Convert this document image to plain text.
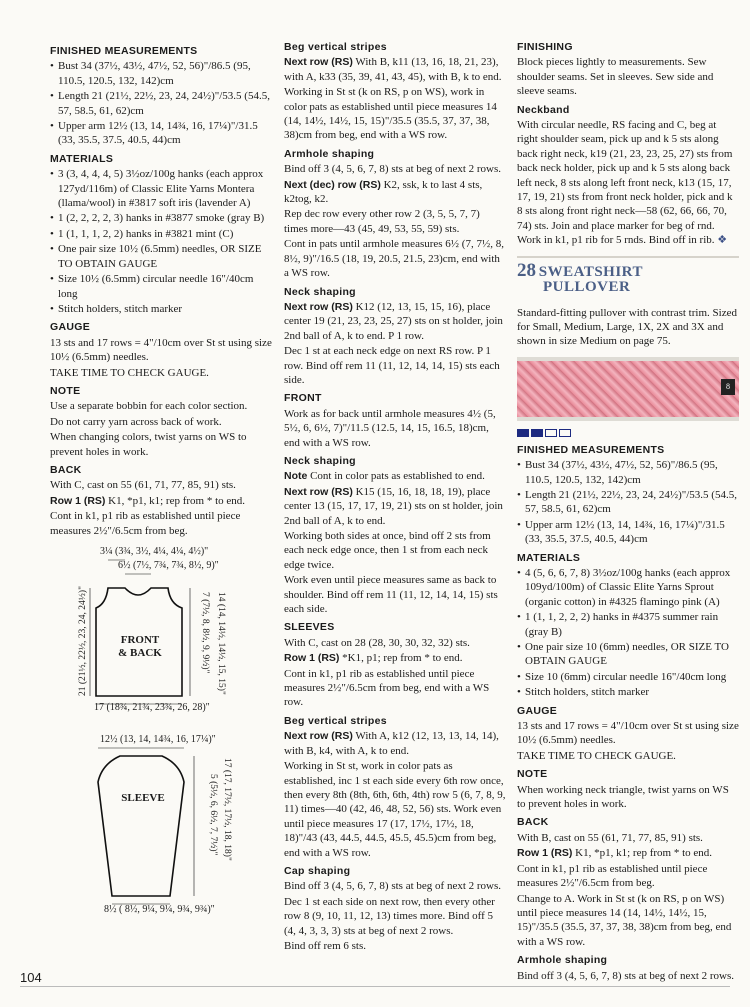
FINISHED MEASUREMENTS

• Bust 34 (37½, 43½, 47½, 52, 56)"/86.5 (95, 110.5, 120.5, 132, 142)cm

• Length 21 (21½, 22½, 23, 24, 24½)"/53.5 (54.5, 57, 58.5, 61, 62)cm

• Upper arm 12½ (13, 14, 14¾, 16, 17¼)"/31.5 (33, 35.5, 37.5, 40.5, 44)cm

MATERIALS

• 3 (3, 4, 4, 4, 5) 3½oz/100g hanks (each approx 127yd/116m) of Classic Elite Yarns Montera (llama/wool) in #3817 soft iris (lavender A)

• 1 (2, 2, 2, 2, 3) hanks in #3877 smoke (gray B)

• 1 (1, 1, 1, 2, 2) hanks in #3821 mint (C)

• One pair size 10½ (6.5mm) needles, OR SIZE TO OBTAIN GAUGE

• Size 10½ (6.5mm) circular needle 16"/40cm long

• Stitch holders, stitch marker

GAUGE

13 sts and 17 rows = 4"/10cm over St st using size 10½ (6.5mm) needles.

TAKE TIME TO CHECK GAUGE.

NOTE

Use a separate bobbin for each color section.

Do not carry yarn across back of work.

When changing colors, twist yarns on WS to prevent holes in work.

BACK

With C, cast on 55 (61, 71, 77, 85, 91) sts.

Row 1 (RS) K1, *p1, k1; rep from * to end.

Cont in k1, p1 rib as established until piece measures 2½"/6.5cm from beg.

3¼ (3¾, 3½, 4¼, 4¼, 4½)"
6½ (7½, 7¾, 7¾, 8½, 9)"
21 (21½, 22½, 23, 24, 24½)"	7 (7½, 8, 8½, 9, 9½)" 14 (14, 14½, 14½, 15, 15)"
FRONT
& BACK
17 (18¾, 21¾, 23¾, 26, 28)"
12½ (13, 14, 14¾, 16, 17¼)"
5 (5½, 6, 6½, 7, 7½)" 17 (17, 17½, 17½, 18, 18)"
SLEEVE
8½ ( 8½, 9¼, 9¼, 9¾, 9¾)"
Beg vertical stripes

Next row (RS) With B, k11 (13, 16, 18, 21, 23), with A, k33 (35, 39, 41, 43, 45), with B, k to end.

Working in St st (k on RS, p on WS), work in color pats as established until piece measures 14 (14, 14½, 14½, 15, 15)"/35.5 (35.5, 37, 37, 38, 38)cm from beg, end with a WS row.

Armhole shaping

Bind off 3 (4, 5, 6, 7, 8) sts at beg of next 2 rows.

Next (dec) row (RS) K2, ssk, k to last 4 sts, k2tog, k2.

Rep dec row every other row 2 (3, 5, 5, 7, 7) times more—43 (45, 49, 53, 55, 59) sts.

Cont in pats until armhole measures 6½ (7, 7½, 8, 8½, 9)"/16.5 (18, 19, 20.5, 21.5, 23)cm, end with a WS row.

Neck shaping

Next row (RS) K12 (12, 13, 15, 15, 16), place center 19 (21, 23, 23, 25, 27) sts on st holder, join 2nd ball of A, k to end. P 1 row.

Dec 1 st at each neck edge on next RS row. P 1 row. Bind off rem 11 (11, 12, 14, 14, 15) sts each side.

FRONT

Work as for back until armhole measures 4½ (5, 5½, 6, 6½, 7)"/11.5 (12.5, 14, 15, 16.5, 18)cm, end with a WS row.

Neck shaping

Note Cont in color pats as established to end.

Next row (RS) K15 (15, 16, 18, 18, 19), place center 13 (15, 17, 17, 19, 21) sts on st holder, join 2nd ball of A, k to end.

Working both sides at once, bind off 2 sts from each neck edge once, then 1 st from each neck edge twice.

Work even until piece measures same as back to shoulder. Bind off rem 11 (11, 12, 14, 14, 15) sts each side.

SLEEVES

With C, cast on 28 (28, 30, 30, 32, 32) sts.

Row 1 (RS) *K1, p1; rep from * to end.

Cont in k1, p1 rib as established until piece measures 2½"/6.5cm from beg, end with a WS row.

Beg vertical stripes

Next row (RS) With A, k12 (12, 13, 13, 14, 14), with B, k4, with A, k to end.

Working in St st, work in color pats as established, inc 1 st each side every 6th row once, then every 8th (8th, 6th, 6th, 4th) row 5 (6, 7, 8, 9, 11) times—40 (42, 46, 48, 52, 56) sts. Work even until piece measures 17 (17, 17½, 17½, 18, 18)"/43 (43, 44.5, 44.5, 45.5, 45.5)cm from beg, end with a WS row.

Cap shaping

Bind off 3 (4, 5, 6, 7, 8) sts at beg of next 2 rows.

Dec 1 st each side on next row, then every other row 8 (9, 10, 11, 12, 13) times more. Bind off 5 (4, 4, 3, 3, 3) sts at beg of next 2 rows.

Bind off rem 6 sts.

FINISHING

Block pieces lightly to measurements. Sew shoulder seams. Set in sleeves. Sew side and sleeve seams.

Neckband

With circular needle, RS facing and C, beg at right shoulder seam, pick up and k 5 sts along back right neck, k19 (21, 23, 23, 25, 27) sts from back neck holder, pick up and k 5 sts along back left neck, 8 sts along left front neck, k13 (15, 17, 17, 19, 21) sts from front neck holder, pick and k 8 sts along front right neck—58 (62, 66, 66, 70, 74) sts. Join and place marker for beg of rnd. Work in k1, p1 rib for 5 rnds. Bind off in rib. ❖

28 SWEATSHIRT
PULLOVER

Standard-fitting pullover with contrast trim. Sized for Small, Medium, Large, 1X, 2X and 3X and shown in size Medium on page 75.

8
FINISHED MEASUREMENTS

• Bust 34 (37½, 43½, 47½, 52, 56)"/86.5 (95, 110.5, 120.5, 132, 142)cm

• Length 21 (21½, 22½, 23, 24, 24½)"/53.5 (54.5, 57, 58.5, 61, 62)cm

• Upper arm 12½ (13, 14, 14¾, 16, 17¼)"/31.5 (33, 35.5, 37.5, 40.5, 44)cm

MATERIALS

• 4 (5, 6, 6, 7, 8) 3½oz/100g hanks (each approx 109yd/100m) of Classic Elite Yarns Sprout (organic cotton) in #4325 flamingo pink (A)

• 1 (1, 1, 2, 2, 2) hanks in #4375 summer rain (gray B)

• One pair size 10 (6mm) needles, OR SIZE TO OBTAIN GAUGE

• Size 10 (6mm) circular needle 16"/40cm long

• Stitch holders, stitch marker

GAUGE

13 sts and 17 rows = 4"/10cm over St st using size 10½ (6.5mm) needles.

TAKE TIME TO CHECK GAUGE.

NOTE

When working neck triangle, twist yarns on WS to prevent holes in work.

BACK

With B, cast on 55 (61, 71, 77, 85, 91) sts.

Row 1 (RS) K1, *p1, k1; rep from * to end.

Cont in k1, p1 rib as established until piece measures 2½"/6.5cm from beg.

Change to A. Work in St st (k on RS, p on WS) until piece measures 14 (14, 14½, 14½, 15, 15)"/35.5 (35.5, 37, 37, 38, 38)cm from beg, end with a WS row.

Armhole shaping

Bind off 3 (4, 5, 6, 7, 8) sts at beg of next 2 rows.

104
